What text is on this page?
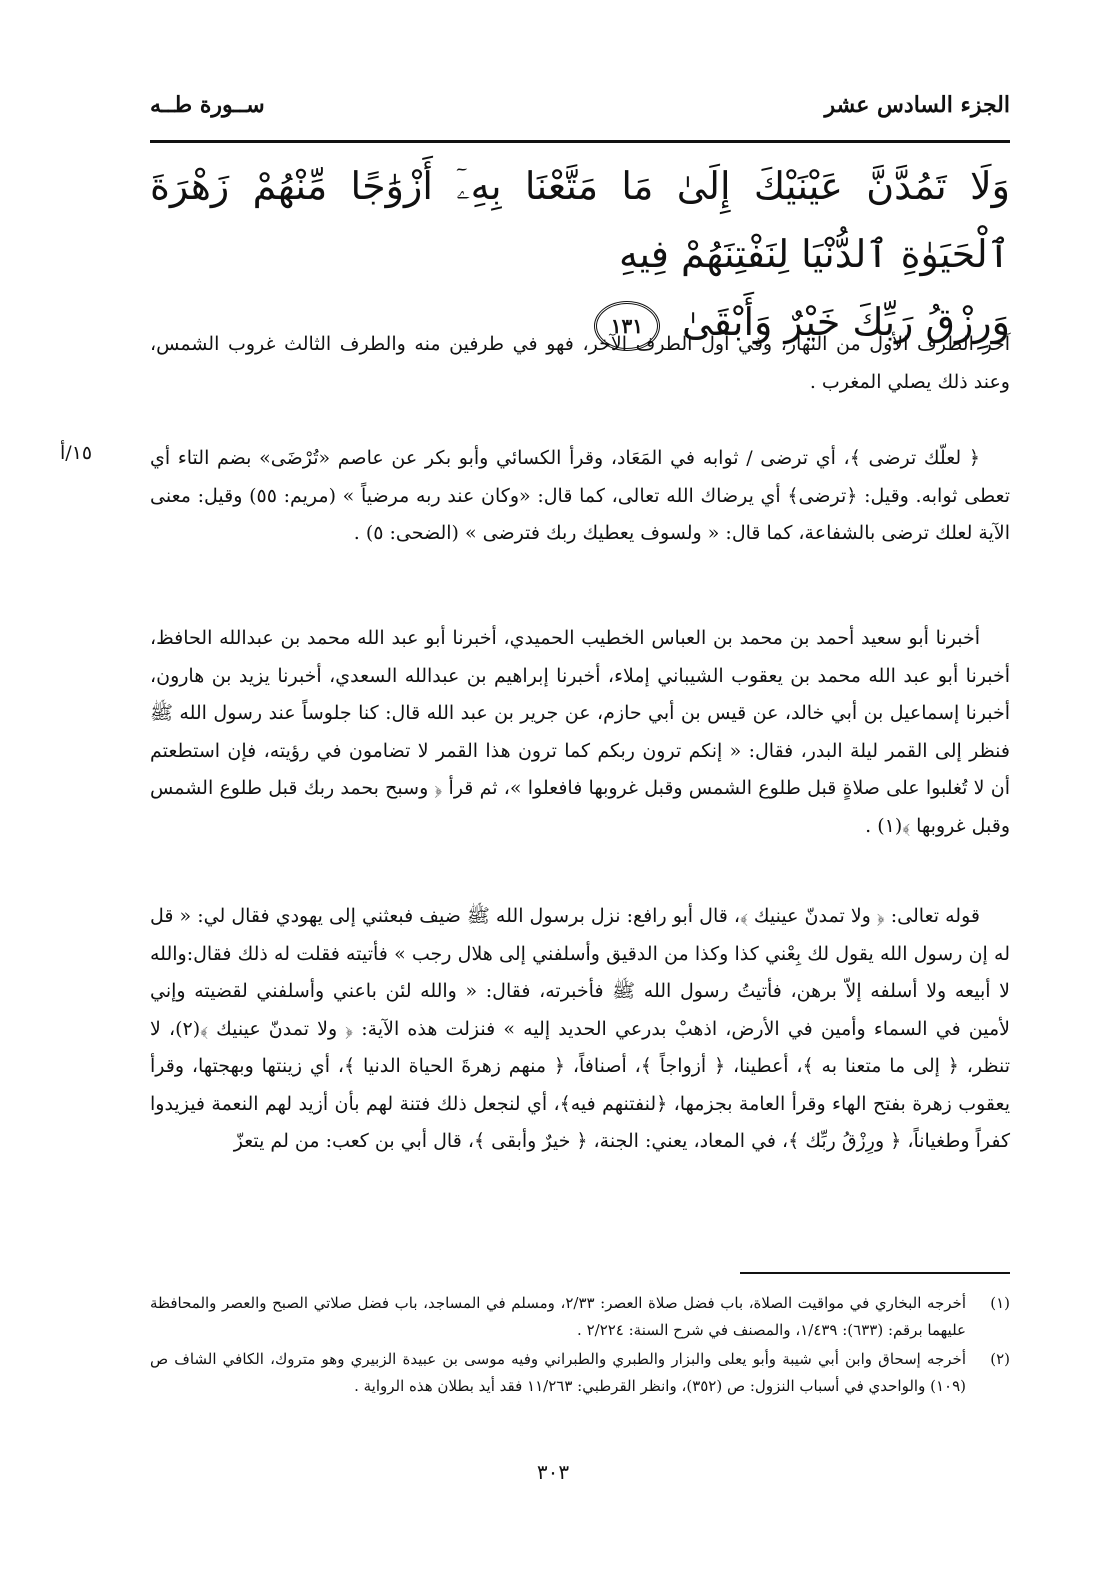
الجزء السادس عشر
ســورة طــه
وَلَا تَمُدَّنَّ عَيْنَيْكَ إِلَىٰ مَا مَتَّعْنَا بِهِۦٓ أَزْوَٰجًا مِّنْهُمْ زَهْرَةَ ٱلْحَيَوٰةِ ٱلدُّنْيَا لِنَفْتِنَهُمْ فِيهِ
وَرِزْقُ رَبِّكَ خَيْرٌ وَأَبْقَىٰ ١٣١

آخر الطرف الأول من النهار، وفي أول الطرف الآخر، فهو في طرفين منه والطرف الثالث غروب الشمس، وعند ذلك يصلي المغرب .

١٥/أ	﴿ لعلّك ترضى ﴾، أي ترضى / ثوابه في المَعَاد، وقرأ الكسائي وأبو بكر عن عاصم «تُرْضَى» بضم التاء أي تعطى ثوابه. وقيل: ﴿ترضى﴾ أي يرضاك الله تعالى، كما قال: «وكان عند ربه مرضياً » (مريم: ٥٥) وقيل: معنى الآية لعلك ترضى بالشفاعة، كما قال: « ولسوف يعطيك ربك فترضى » (الضحى: ٥) .

أخبرنا أبو سعيد أحمد بن محمد بن العباس الخطيب الحميدي، أخبرنا أبو عبد الله محمد بن عبدالله الحافظ، أخبرنا أبو عبد الله محمد بن يعقوب الشيباني إملاء، أخبرنا إبراهيم بن عبدالله السعدي، أخبرنا يزيد بن هارون، أخبرنا إسماعيل بن أبي خالد، عن قيس بن أبي حازم، عن جرير بن عبد الله قال: كنا جلوساً عند رسول الله ﷺ فنظر إلى القمر ليلة البدر، فقال: « إنكم ترون ربكم كما ترون هذا القمر لا تضامون في رؤيته، فإن استطعتم أن لا تُغلبوا على صلاةٍ قبل طلوع الشمس وقبل غروبها فافعلوا »، ثم قرأ ﴿ وسبح بحمد ربك قبل طلوع الشمس وقبل غروبها ﴾(١) .

قوله تعالى: ﴿ ولا تمدنّ عينيك ﴾، قال أبو رافع: نزل برسول الله ﷺ ضيف فبعثني إلى يهودي فقال لي: « قل له إن رسول الله يقول لك بِعْني كذا وكذا من الدقيق وأسلفني إلى هلال رجب » فأتيته فقلت له ذلك فقال:والله لا أبيعه ولا أسلفه إلاّ برهن، فأتيتُ رسول الله ﷺ فأخبرته، فقال: « والله لئن باعني وأسلفني لقضيته وإني لأمين في السماء وأمين في الأرض، اذهبْ بدرعي الحديد إليه » فنزلت هذه الآية: ﴿ ولا تمدنّ عينيك ﴾(٢)، لا تنظر، ﴿ إلى ما متعنا به ﴾، أعطينا، ﴿ أزواجاً ﴾، أصنافاً، ﴿ منهم زهرةَ الحياة الدنيا ﴾، أي زينتها وبهجتها، وقرأ يعقوب زهرة بفتح الهاء وقرأ العامة بجزمها، ﴿لنفتنهم فيه﴾، أي لنجعل ذلك فتنة لهم بأن أزيد لهم النعمة فيزيدوا كفراً وطغياناً، ﴿ ورِزْقُ ربِّك ﴾، في المعاد، يعني: الجنة، ﴿ خيرٌ وأبقى ﴾، قال أبي بن كعب: من لم يتعزّ

(١)
أخرجه البخاري في مواقيت الصلاة، باب فضل صلاة العصر: ٢/٣٣، ومسلم في المساجد، باب فضل صلاتي الصبح والعصر والمحافظة عليهما برقم: (٦٣٣): ١/٤٣٩، والمصنف في شرح السنة: ٢/٢٢٤ .
(٢)
أخرجه إسحاق وابن أبي شيبة وأبو يعلى والبزار والطبري والطبراني وفيه موسى بن عبيدة الزبيري وهو متروك، الكافي الشاف ص (١٠٩) والواحدي في أسباب النزول: ص (٣٥٢)، وانظر القرطبي: ١١/٢٦٣ فقد أيد بطلان هذه الرواية .
٣٠٣
